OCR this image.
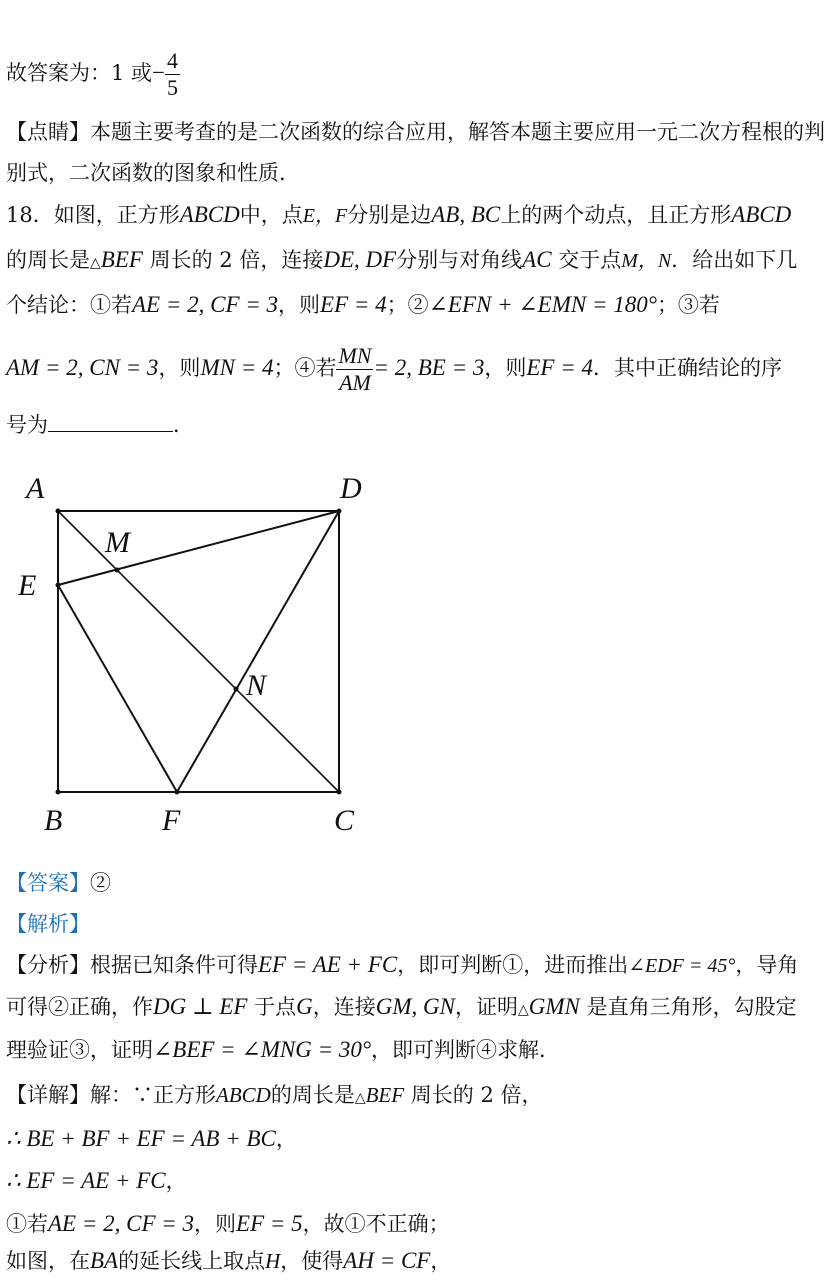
故答案为：1 或− $\frac{4}{5}$
【点睛】本题主要考查的是二次函数的综合应用，解答本题主要应用一元二次方程根的判
别式，二次函数的图象和性质．
18．如图，正方形ABCD中，点E，F分别是边AB, BC上的两个动点，且正方形ABCD
的周长是△BEF 周长的 2 倍，连接DE, DF分别与对角线AC 交于点M，N．给出如下几
个结论：①若AE = 2, CF = 3，则EF = 4；②∠EFN + ∠EMN = 180°；③若
AM = 2, CN = 3，则MN = 4；④若 $\frac{MN}{AM} = 2$, BE = 3，则EF = 4．其中正确结论的序
号为	．
A	D
M
E
N
B	F	C
【答案】②
【解析】
【分析】根据已知条件可得EF = AE + FC，即可判断①，进而推出∠EDF = 45°，导角
可得②正确，作DG ⊥ EF 于点G，连接GM, GN，证明△GMN 是直角三角形，勾股定
理验证③，证明∠BEF = ∠MNG = 30°，即可判断④求解．
【详解】解：∵正方形ABCD的周长是△BEF 周长的 2 倍，
∴ BE + BF + EF = AB + BC，
∴ EF = AE + FC，
①若AE = 2, CF = 3，则EF = 5，故①不正确；
如图，在BA的延长线上取点H，使得AH = CF，
